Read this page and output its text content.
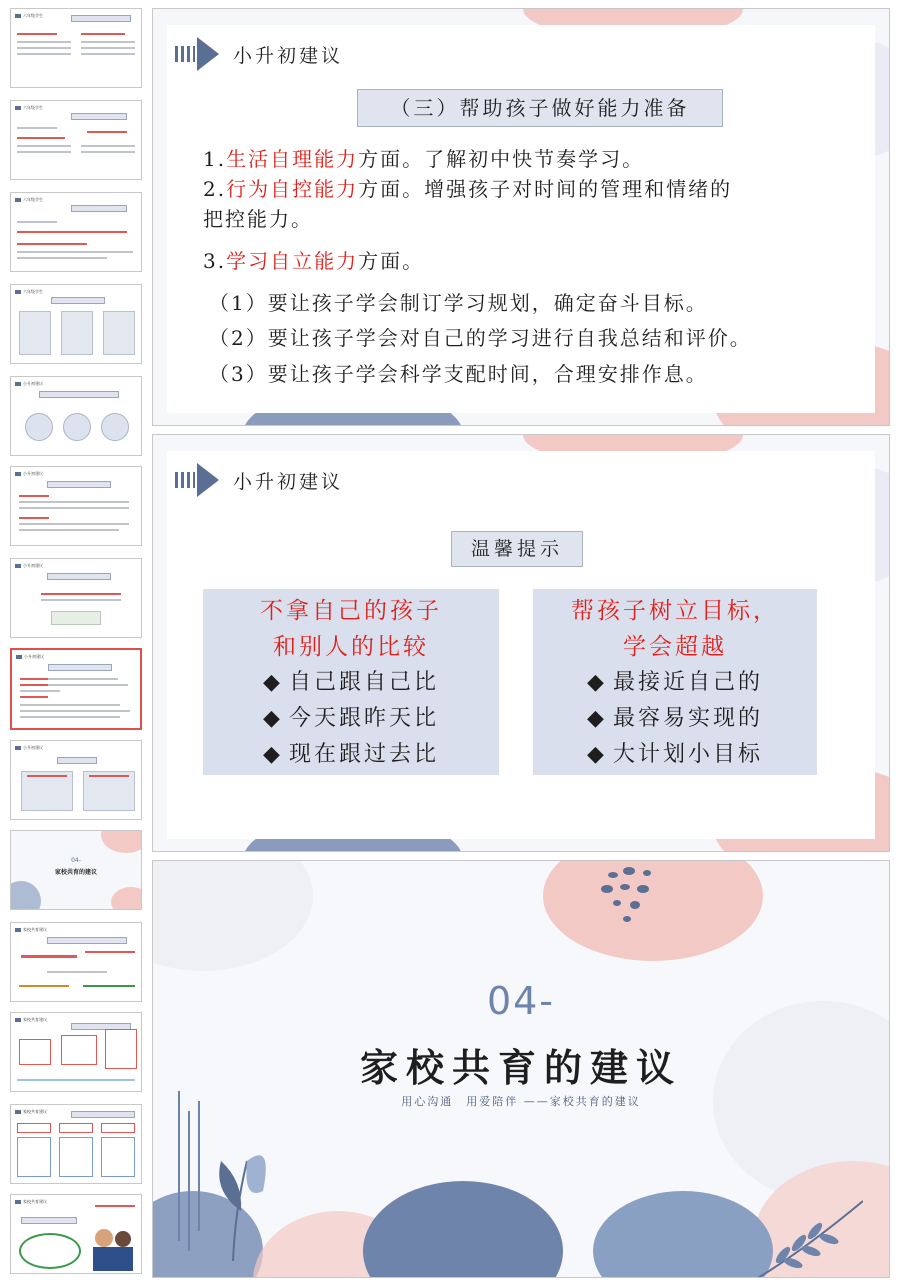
六年级学生
六年级学生
六年级学生
六年级学生
小升初建议
小升初建议
小升初建议
小升初建议
小升初建议
04-
家校共育的建议
家校共育建议
家校共育建议
家校共育建议
家校共育建议
小升初建议
（三）帮助孩子做好能力准备
1.生活自理能力方面。了解初中快节奏学习。
2.行为自控能力方面。增强孩子对时间的管理和情绪的
把控能力。
3.学习自立能力方面。
（1）要让孩子学会制订学习规划，确定奋斗目标。
（2）要让孩子学会对自己的学习进行自我总结和评价。
（3）要让孩子学会科学支配时间，合理安排作息。
小升初建议
温馨提示
不拿自己的孩子
和别人的比较
◆ 自己跟自己比
◆ 今天跟昨天比
◆ 现在跟过去比
帮孩子树立目标，
学会超越
◆ 最接近自己的
◆ 最容易实现的
◆ 大计划小目标
04-
家校共育的建议
用心沟通　用爱陪伴 ——家校共育的建议
